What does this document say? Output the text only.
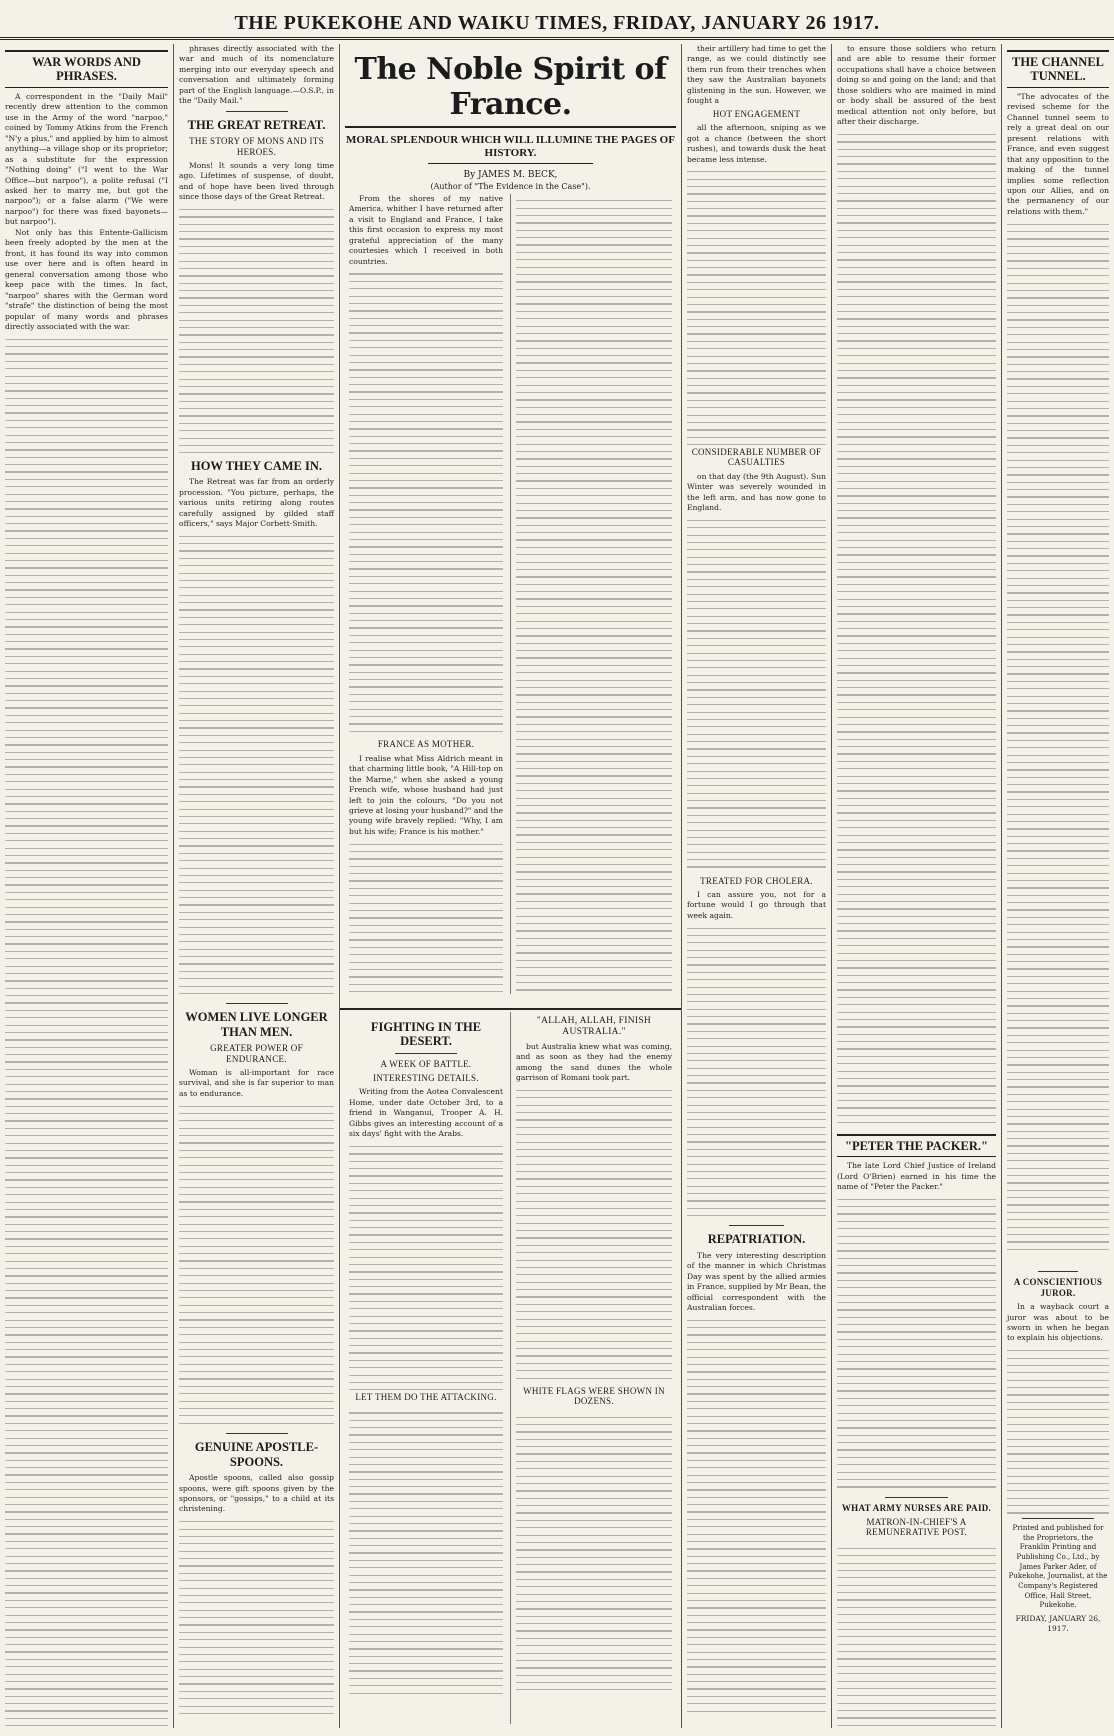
THE PUKEKOHE AND WAIKU TIMES, FRIDAY, JANUARY 26 1917.
WAR WORDS AND PHRASES.

A correspondent in the "Daily Mail" recently drew attention to the common use in the Army of the word "narpoo," coined by Tommy Atkins from the French "N'y a plus," and applied by him to almost anything—a village shop or its proprietor; as a substitute for the expression "Nothing doing" ("I went to the War Office—but narpoo"), a polite refusal ("I asked her to marry me, but got the narpoo"); or a false alarm ("We were narpoo") for there was fixed bayonets—but narpoo").

Not only has this Entente-Gallicism been freely adopted by the men at the front, it has found its way into common use over here and is often heard in general conversation among those who keep pace with the times. In fact, "narpoo" shares with the German word "strafe" the distinction of being the most popular of many words and phrases directly associated with the war.

phrases directly associated with the war and much of its nomenclature merging into our everyday speech and conversation and ultimately forming part of the English language.—O.S.P., in the "Daily Mail."

THE GREAT RETREAT.
THE STORY OF MONS AND ITS HEROES.

Mons! It sounds a very long time ago. Lifetimes of suspense, of doubt, and of hope have been lived through since those days of the Great Retreat.

HOW THEY CAME IN.

The Retreat was far from an orderly procession. "You picture, perhaps, the various units retiring along routes carefully assigned by gilded staff officers," says Major Corbett-Smith.

WOMEN LIVE LONGER THAN MEN.
GREATER POWER OF ENDURANCE.

Woman is all-important for race survival, and she is far superior to man as to endurance.

GENUINE APOSTLE-SPOONS.

Apostle spoons, called also gossip spoons, were gift spoons given by the sponsors, or "gossips," to a child at its christening.

The Noble Spirit of France.
MORAL SPLENDOUR WHICH WILL ILLUMINE THE PAGES OF HISTORY.
By JAMES M. BECK,
(Author of "The Evidence in the Case").

From the shores of my native America, whither I have returned after a visit to England and France, I take this first occasion to express my most grateful appreciation of the many courtesies which I received in both countries.

FRANCE AS MOTHER.

I realise what Miss Aldrich meant in that charming little book, "A Hill-top on the Marne," when she asked a young French wife, whose husband had just left to join the colours, "Do you not grieve at losing your husband?" and the young wife bravely replied: "Why, I am but his wife; France is his mother."

FIGHTING IN THE DESERT.
A WEEK OF BATTLE.
INTERESTING DETAILS.

Writing from the Aotea Convalescent Home, under date October 3rd, to a friend in Wanganui, Trooper A. H. Gibbs gives an interesting account of a six days' fight with the Arabs.

LET THEM DO THE ATTACKING.
"ALLAH, ALLAH, FINISH AUSTRALIA."

but Australia knew what was coming, and as soon as they had the enemy among the sand dunes the whole garrison of Romani took part.

WHITE FLAGS WERE SHOWN IN DOZENS.

their artillery had time to get the range, as we could distinctly see them run from their trenches when they saw the Australian bayonets glistening in the sun. However, we fought a

HOT ENGAGEMENT

all the afternoon, sniping as we got a chance (between the short rushes), and towards dusk the heat became less intense.

CONSIDERABLE NUMBER OF CASUALTIES

on that day (the 9th August). Sun Winter was severely wounded in the left arm, and has now gone to England.

TREATED FOR CHOLERA.

I can assure you, not for a fortune would I go through that week again.

REPATRIATION.

The very interesting description of the manner in which Christmas Day was spent by the allied armies in France, supplied by Mr Bean, the official correspondent with the Australian forces.

to ensure those soldiers who return and are able to resume their former occupations shall have a choice between doing so and going on the land; and that those soldiers who are maimed in mind or body shall be assured of the best medical attention not only before, but after their discharge.

"PETER THE PACKER."

The late Lord Chief Justice of Ireland (Lord O'Brien) earned in his time the name of "Peter the Packer."

WHAT ARMY NURSES ARE PAID.
MATRON-IN-CHIEF'S A REMUNERATIVE POST.
THE CHANNEL TUNNEL.

"The advocates of the revised scheme for the Channel tunnel seem to rely a great deal on our present relations with France, and even suggest that any opposition to the making of the tunnel implies some reflection upon our Allies, and on the permanency of our relations with them."

A CONSCIENTIOUS JUROR.

In a wayback court a juror was about to be sworn in when he began to explain his objections.

Printed and published for the Proprietors, the Franklin Printing and Publishing Co., Ltd., by James Parker Ader, of Pukekohe, Journalist, at the Company's Registered Office, Hall Street, Pukekohe.

FRIDAY, JANUARY 26, 1917.
